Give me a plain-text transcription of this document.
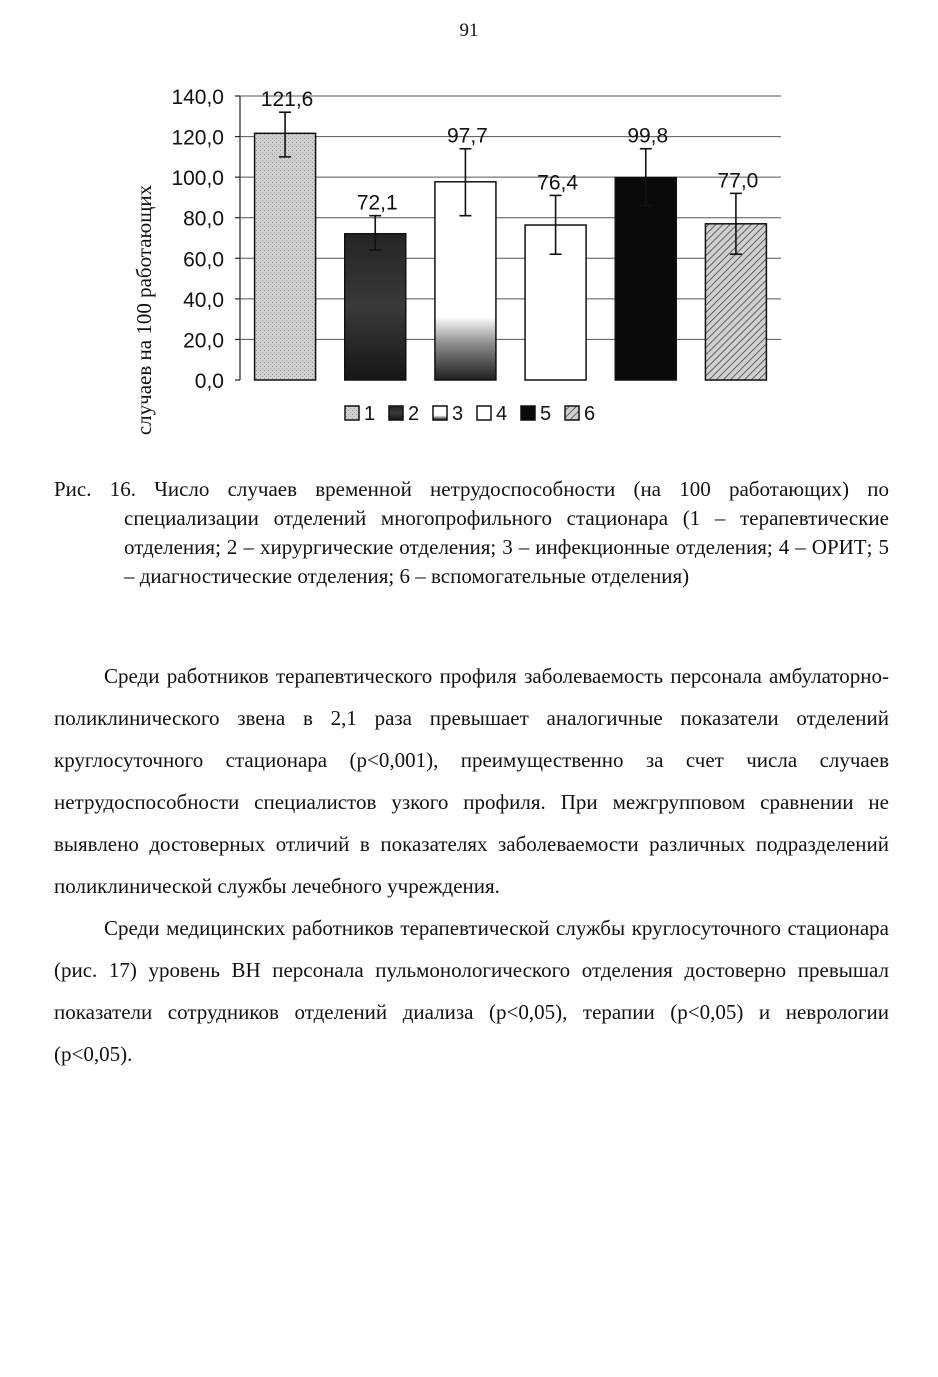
91
случаев на 100 работающих 0,0
20,0
40,0
60,0
80,0
100,0
120,0
140,0 121,6
72,1
97,7
76,4
99,8
77,0
1 2 3 4 5 6
Рис. 16. Число случаев временной нетрудоспособности (на 100 работающих) по специализации отделений многопрофильного стационара (1 – терапевтические отделения; 2 – хирургические отделения; 3 – инфекционные отделения; 4 – ОРИТ; 5 – диагностические отделения; 6 – вспомогательные отделения)

Среди работников терапевтического профиля заболеваемость персонала амбулаторно-поликлинического звена в 2,1 раза превышает аналогичные показатели отделений круглосуточного стационара (р<0,001), преимущественно за счет числа случаев нетрудоспособности специалистов узкого профиля. При межгрупповом сравнении не выявлено достоверных отличий в показателях заболеваемости различных подразделений поликлинической службы лечебного учреждения.

Среди медицинских работников терапевтической службы круглосуточного стационара (рис. 17) уровень ВН персонала пульмонологического отделения достоверно превышал показатели сотрудников отделений диализа (р<0,05), терапии (р<0,05) и неврологии (р<0,05).
